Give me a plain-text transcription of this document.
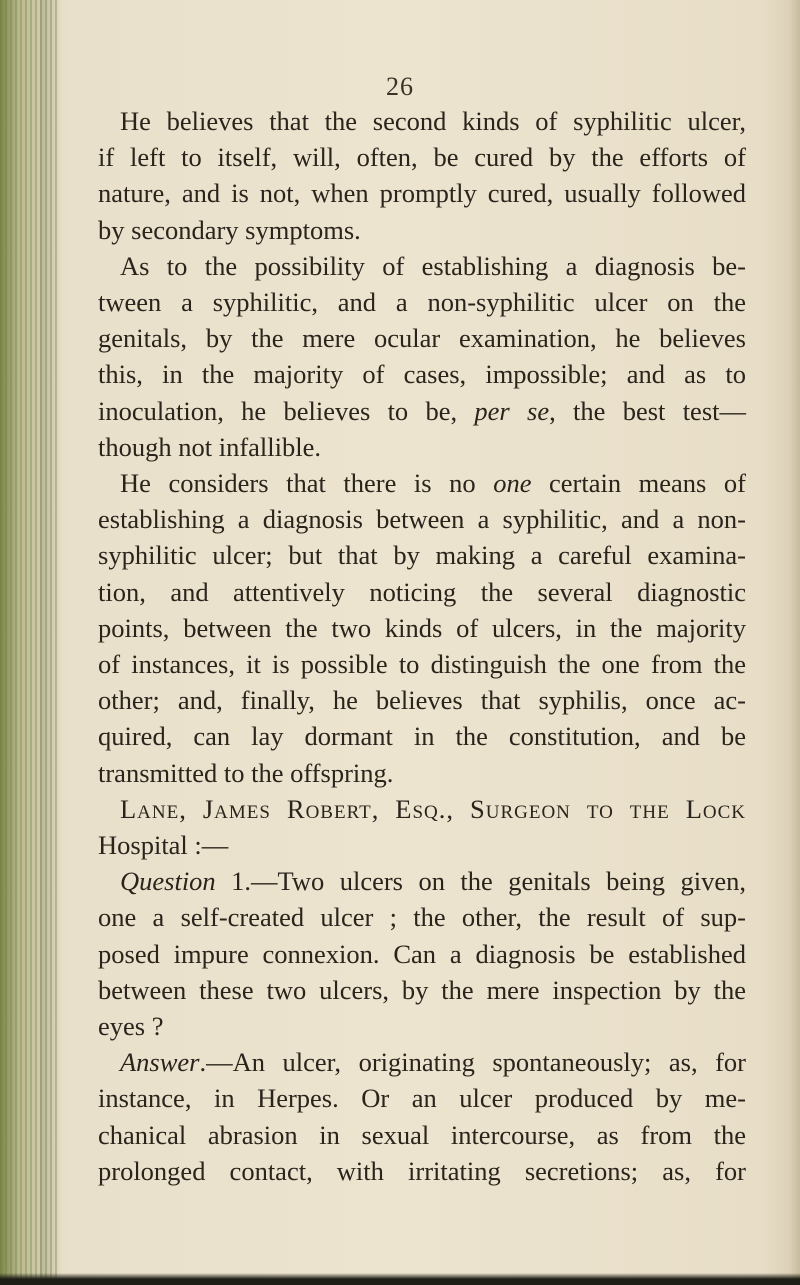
26
He believes that the second kinds of syphilitic ulcer,
if left to itself, will, often, be cured by the efforts of
nature, and is not, when promptly cured, usually followed
by secondary symptoms.
As to the possibility of establishing a diagnosis be-
tween a syphilitic, and a non-syphilitic ulcer on the
genitals, by the mere ocular examination, he believes
this, in the majority of cases, impossible; and as to
inoculation, he believes to be, per se, the best test—
though not infallible.
He considers that there is no one certain means of
establishing a diagnosis between a syphilitic, and a non-
syphilitic ulcer; but that by making a careful examina-
tion, and attentively noticing the several diagnostic
points, between the two kinds of ulcers, in the majority
of instances, it is possible to distinguish the one from the
other; and, finally, he believes that syphilis, once ac-
quired, can lay dormant in the constitution, and be
transmitted to the offspring.
Lane, James Robert, Esq., Surgeon to the Lock
Hospital :—
Question 1.—Two ulcers on the genitals being given,
one a self-created ulcer ; the other, the result of sup-
posed impure connexion. Can a diagnosis be established
between these two ulcers, by the mere inspection by the
eyes ?
Answer.—An ulcer, originating spontaneously; as, for
instance, in Herpes. Or an ulcer produced by me-
chanical abrasion in sexual intercourse, as from the
prolonged contact, with irritating secretions; as, for
